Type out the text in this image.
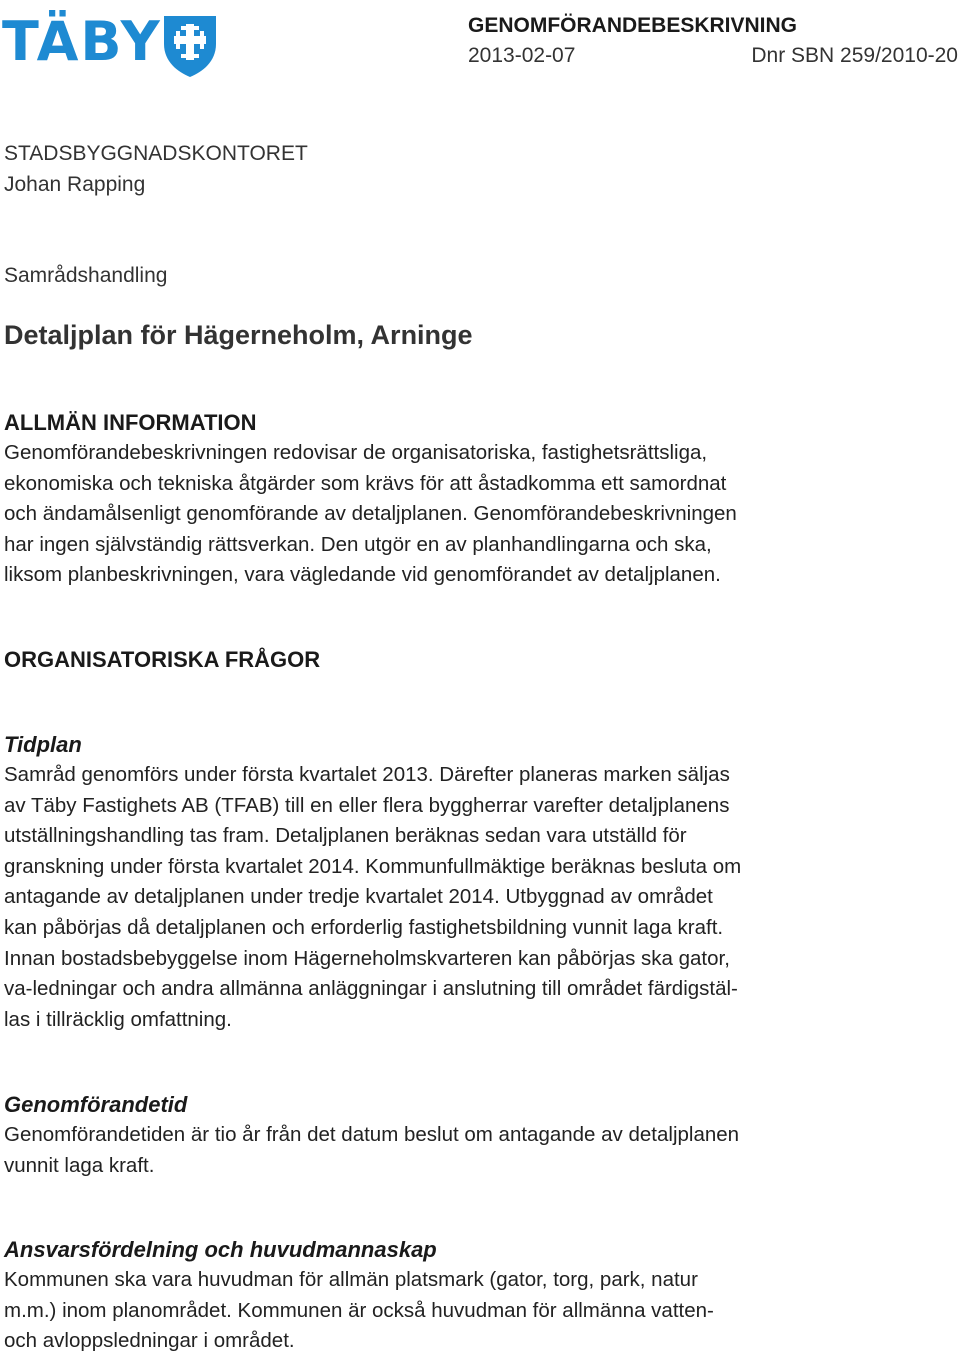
TÄBY	GENOMFÖRANDEBESKRIVNING
2013-02-07	Dnr SBN 259/2010-20
STADSBYGGNADSKONTORET
Johan Rapping
Samrådshandling
Detaljplan för Hägerneholm, Arninge
ALLMÄN INFORMATION
Genomförandebeskrivningen redovisar de organisatoriska, fastighetsrättsliga,
ekonomiska och tekniska åtgärder som krävs för att åstadkomma ett samordnat
och ändamålsenligt genomförande av detaljplanen. Genomförandebeskrivningen
har ingen självständig rättsverkan. Den utgör en av planhandlingarna och ska,
liksom planbeskrivningen, vara vägledande vid genomförandet av detaljplanen.
ORGANISATORISKA FRÅGOR
Tidplan
Samråd genomförs under första kvartalet 2013. Därefter planeras marken säljas
av Täby Fastighets AB (TFAB) till en eller flera byggherrar varefter detaljplanens
utställningshandling tas fram. Detaljplanen beräknas sedan vara utställd för
granskning under första kvartalet 2014. Kommunfullmäktige beräknas besluta om
antagande av detaljplanen under tredje kvartalet 2014. Utbyggnad av området
kan påbörjas då detaljplanen och erforderlig fastighetsbildning vunnit laga kraft.
Innan bostadsbebyggelse inom Hägerneholmskvarteren kan påbörjas ska gator,
va-ledningar och andra allmänna anläggningar i anslutning till området färdigstäl-
las i tillräcklig omfattning.
Genomförandetid
Genomförandetiden är tio år från det datum beslut om antagande av detaljplanen
vunnit laga kraft.
Ansvarsfördelning och huvudmannaskap
Kommunen ska vara huvudman för allmän platsmark (gator, torg, park, natur
m.m.) inom planområdet. Kommunen är också huvudman för allmänna vatten-
och avloppsledningar i området.
